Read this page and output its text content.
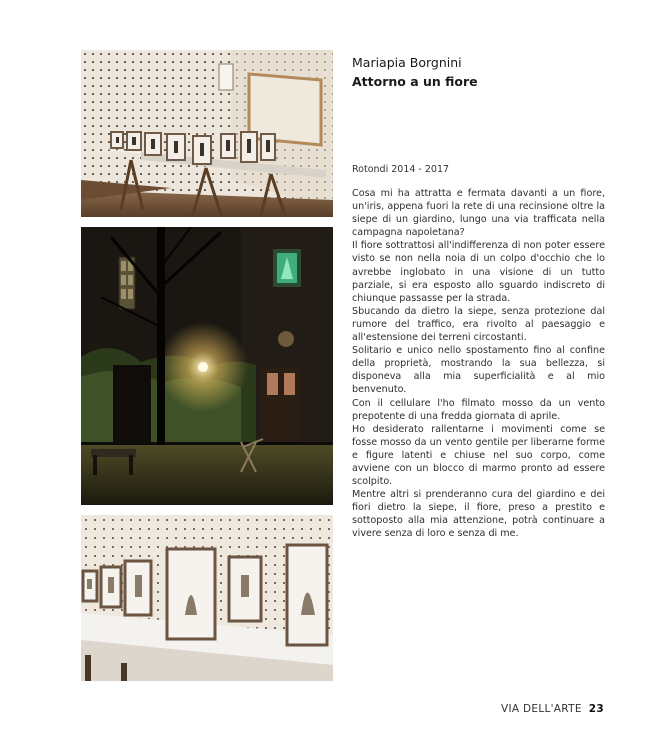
Mariapia Borgnini
Attorno a un fiore
Rotondi 2014 - 2017

Cosa mi ha attratta e fermata davanti a un fiore, un'iris, appena fuori la rete di una recinsione oltre la siepe di un giardino, lungo una via trafficata nella campagna napoletana?

Il fiore sottrattosi all'indifferenza di non poter essere visto se non nella noia di un colpo d'occhio che lo avrebbe inglobato in una visione di un tutto parziale, si era esposto allo sguardo indiscreto di chiunque passasse per la strada.

Sbucando da dietro la siepe, senza protezione dal rumore del traffico, era rivolto al paesaggio e all'estensione dei terreni circostanti.

Solitario e unico nello spostamento fino al confine della proprietà, mostrando la sua bellezza, si disponeva alla mia superficialità e al mio benvenuto.

Con il cellulare l'ho filmato mosso da un vento prepotente di una fredda giornata di aprile.

Ho desiderato rallentarne i movimenti come se fosse mosso da un vento gentile per liberarne forme e figure latenti e chiuse nel suo corpo, come avviene con un blocco di marmo pronto ad essere scolpito.

Mentre altri si prenderanno cura del giardino e dei fiori dietro la siepe, il fiore, preso a prestito e sottoposto alla mia attenzione, potrà continuare a vivere senza di loro e senza di me.

VIA DELL'ARTE 23
